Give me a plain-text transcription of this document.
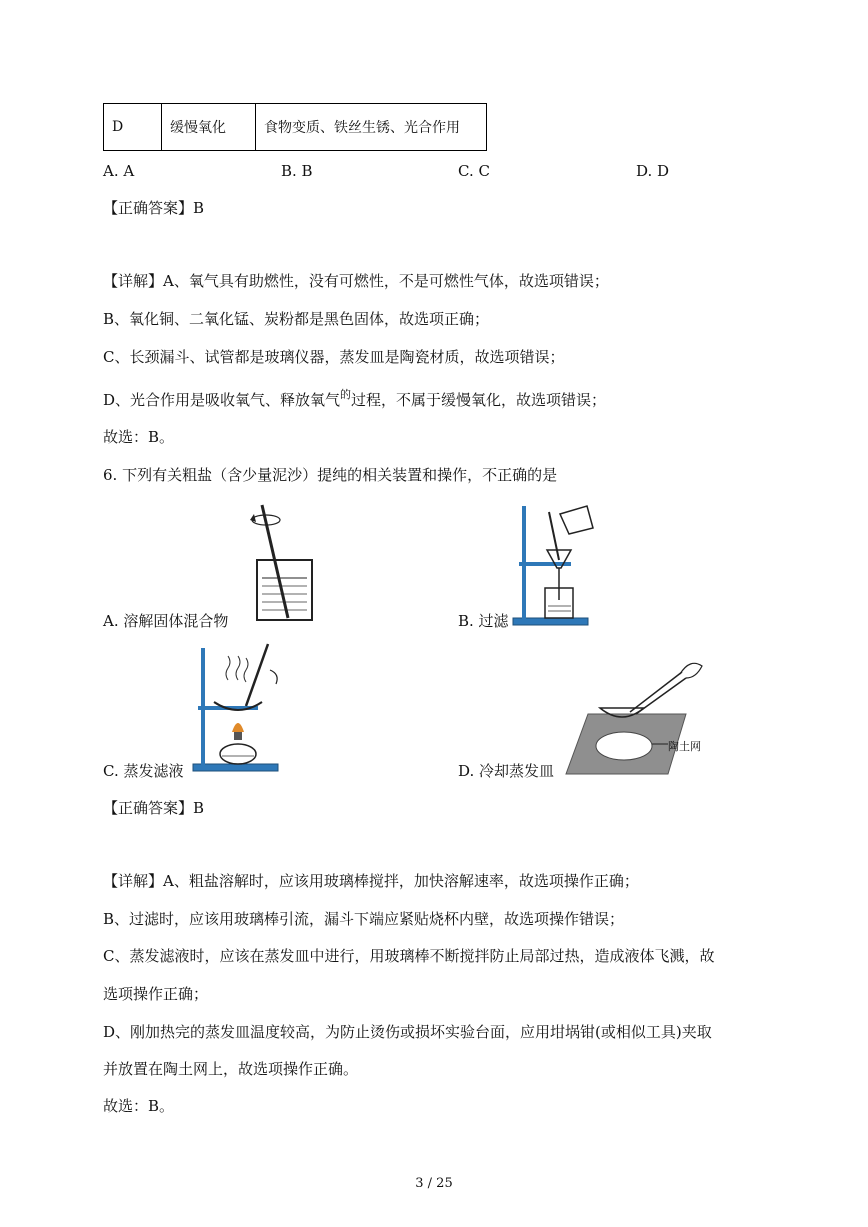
D	缓慢氧化	食物变质、铁丝生锈、光合作用
A. A	B. B	C. C	D. D
【正确答案】B
【详解】A、氧气具有助燃性，没有可燃性，不是可燃性气体，故选项错误；
B、氧化铜、二氧化锰、炭粉都是黑色固体，故选项正确；
C、长颈漏斗、试管都是玻璃仪器，蒸发皿是陶瓷材质，故选项错误；
D、光合作用是吸收氧气、释放氧气$^的$过程，不属于缓慢氧化，故选项错误；
故选：B。
6. 下列有关粗盐（含少量泥沙）提纯的相关装置和操作，不正确的是
A. 溶解固体混合物	B. 过滤
C. 蒸发滤液
陶土网
D. 冷却蒸发皿
【正确答案】B
【详解】A、粗盐溶解时，应该用玻璃棒搅拌，加快溶解速率，故选项操作正确；
B、过滤时，应该用玻璃棒引流，漏斗下端应紧贴烧杯内壁，故选项操作错误；
C、蒸发滤液时，应该在蒸发皿中进行，用玻璃棒不断搅拌防止局部过热，造成液体飞溅，故
选项操作正确；
D、刚加热完的蒸发皿温度较高，为防止烫伤或损坏实验台面，应用坩埚钳(或相似工具)夹取
并放置在陶土网上，故选项操作正确。
故选：B。
3 / 25
